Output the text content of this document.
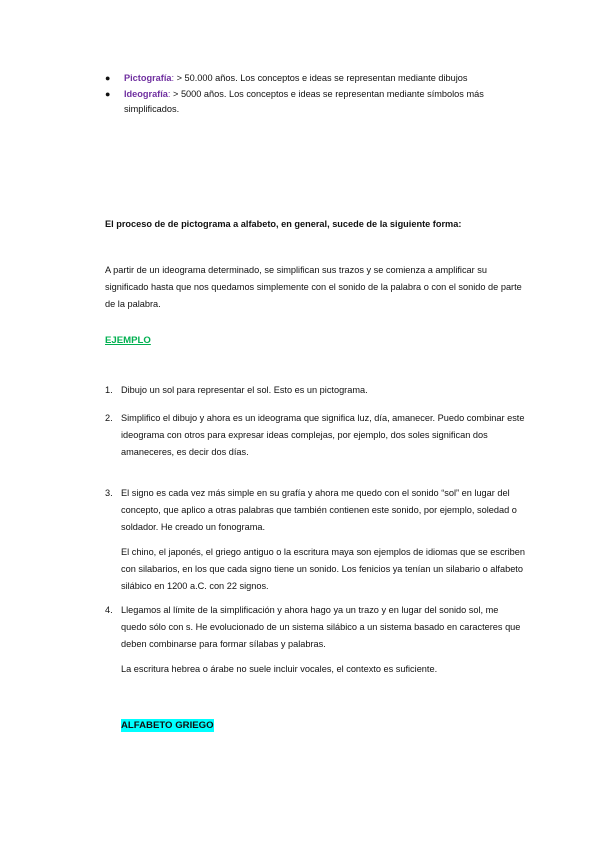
● Pictografía: > 50.000 años. Los conceptos e ideas se representan mediante dibujos
● Ideografía: > 5000 años. Los conceptos e ideas se representan mediante símbolos más simplificados.
El proceso de de pictograma a alfabeto, en general, sucede de la siguiente forma:
A partir de un ideograma determinado, se simplifican sus trazos y se comienza a amplificar su significado hasta que nos quedamos simplemente con el sonido de la palabra o con el sonido de parte de la palabra.
EJEMPLO
1. Dibujo un sol para representar el sol. Esto es un pictograma.
2. Simplifico el dibujo y ahora es un ideograma que significa luz, día, amanecer. Puedo combinar este ideograma con otros para expresar ideas complejas, por ejemplo, dos soles significan dos amaneceres, es decir dos días.
3. El signo es cada vez más simple en su grafía y ahora me quedo con el sonido “sol” en lugar del concepto, que aplico a otras palabras que también contienen este sonido, por ejemplo, soledad o soldador. He creado un fonograma.
El chino, el japonés, el griego antiguo o la escritura maya son ejemplos de idiomas que se escriben con silabarios, en los que cada signo tiene un sonido. Los fenicios ya tenían un silabario o alfabeto silábico en 1200 a.C. con 22 signos.
4. Llegamos al límite de la simplificación y ahora hago ya un trazo y en lugar del sonido sol, me quedo sólo con s. He evolucionado de un sistema silábico a un sistema basado en caracteres que deben combinarse para formar sílabas y palabras.
La escritura hebrea o árabe no suele incluir vocales, el contexto es suficiente.
ALFABETO GRIEGO
